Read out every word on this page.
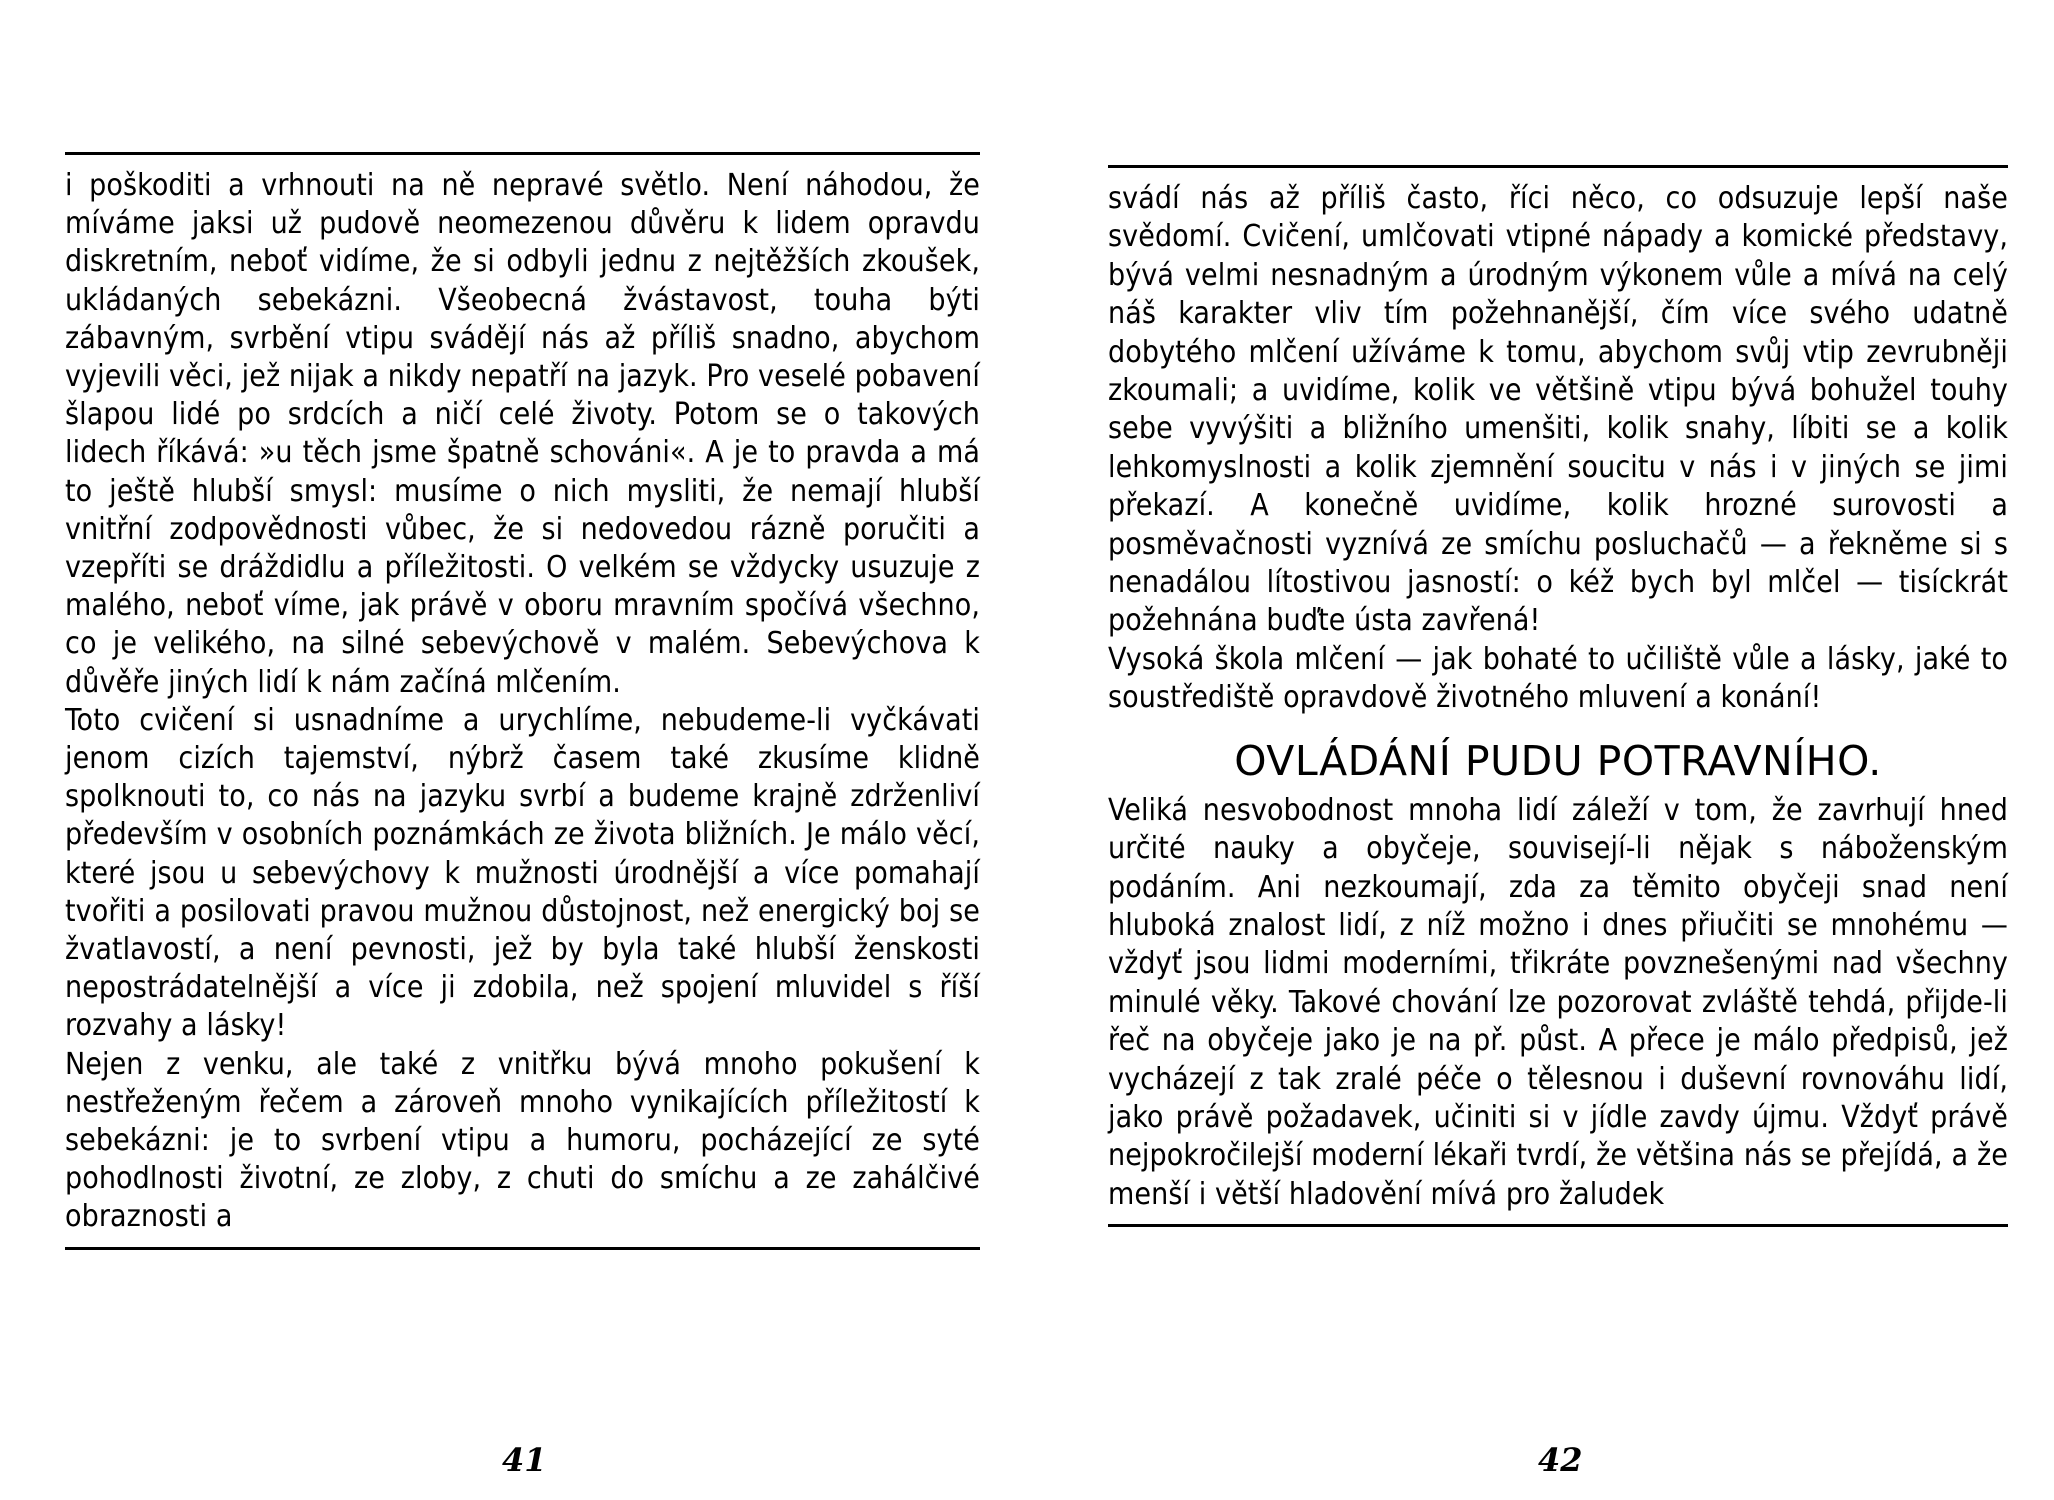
i poškoditi a vrhnouti na ně nepravé světlo. Není náhodou, že míváme jaksi už pudově neomezenou důvěru k lidem opravdu diskretním, neboť vidíme, že si odbyli jednu z nejtěžších zkoušek, ukládaných sebekázni. Všeobecná žvástavost, touha býti zábavným, svrbění vtipu svádějí nás až příliš snadno, abychom vyjevili věci, jež nijak a nikdy nepatří na jazyk. Pro veselé pobavení šlapou lidé po srdcích a ničí celé životy. Potom se o takových lidech říkává: »u těch jsme špatně schováni«. A je to pravda a má to ještě hlubší smysl: musíme o nich mysliti, že nemají hlubší vnitřní zodpovědnosti vůbec, že si nedovedou rázně poručiti a vzepříti se dráždidlu a příležitosti. O velkém se vždycky usuzuje z malého, neboť víme, jak právě v oboru mravním spočívá všechno, co je velikého, na silné sebevýchově v malém. Sebevýchova k důvěře jiných lidí k nám začíná mlčením.

Toto cvičení si usnadníme a urychlíme, nebudeme-li vyčkávati jenom cizích tajemství, nýbrž časem také zkusíme klidně spolknouti to, co nás na jazyku svrbí a budeme krajně zdrženliví především v osobních poznámkách ze života bližních. Je málo věcí, které jsou u sebevýchovy k mužnosti úrodnější a více pomahají tvořiti a posilovati pravou mužnou důstojnost, než energický boj se žvatlavostí, a není pevnosti, jež by byla také hlubší ženskosti nepostrádatelnější a více ji zdobila, než spojení mluvidel s říší rozvahy a lásky!

Nejen z venku, ale také z vnitřku bývá mnoho pokušení k nestřeženým řečem a zároveň mnoho vynikajících příležitostí k sebekázni: je to svrbení vtipu a humoru, pocházející ze syté pohodlnosti životní, ze zloby, z chuti do smíchu a ze zahálčivé obraznosti a

svádí nás až příliš často, říci něco, co odsuzuje lepší naše svědomí. Cvičení, umlčovati vtipné nápady a komické představy, bývá velmi nesnadným a úrodným výkonem vůle a mívá na celý náš karakter vliv tím požehnanější, čím více svého udatně dobytého mlčení užíváme k tomu, abychom svůj vtip zevrubněji zkoumali; a uvidíme, kolik ve většině vtipu bývá bohužel touhy sebe vyvýšiti a bližního umenšiti, kolik snahy, líbiti se a kolik lehkomyslnosti a kolik zjemnění soucitu v nás i v jiných se jimi překazí. A konečně uvidíme, kolik hrozné surovosti a posměvačnosti vyznívá ze smíchu posluchačů — a řekněme si s nenadálou lítostivou jasností: o kéž bych byl mlčel — tisíckrát požehnána buďte ústa zavřená!

Vysoká škola mlčení — jak bohaté to učiliště vůle a lásky, jaké to soustřediště opravdově životného mluvení a konání!

OVLÁDÁNÍ PUDU POTRAVNÍHO.

Veliká nesvobodnost mnoha lidí záleží v tom, že zavrhují hned určité nauky a obyčeje, souvisejí-li nějak s náboženským podáním. Ani nezkoumají, zda za těmito obyčeji snad není hluboká znalost lidí, z níž možno i dnes přiučiti se mnohému — vždyť jsou lidmi moderními, třikráte povznešenými nad všechny minulé věky. Takové chování lze pozorovat zvláště tehdá, přijde-li řeč na obyčeje jako je na př. půst. A přece je málo předpisů, jež vycházejí z tak zralé péče o tělesnou i duševní rovnováhu lidí, jako právě požadavek, učiniti si v jídle zavdy újmu. Vždyť právě nejpokročilejší moderní lékaři tvrdí, že většina nás se přejídá, a že menší i větší hladovění mívá pro žaludek

41	42
